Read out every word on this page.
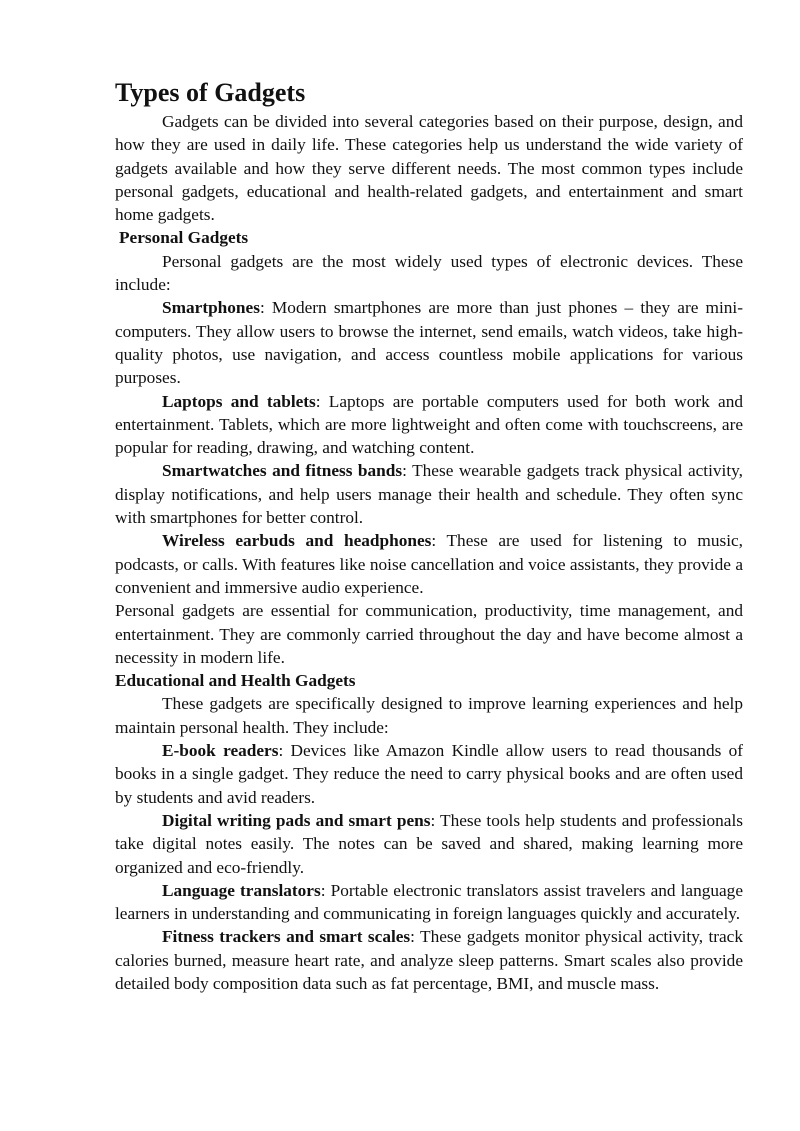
Types of Gadgets

Gadgets can be divided into several categories based on their purpose, design, and how they are used in daily life. These categories help us understand the wide variety of gadgets available and how they serve different needs. The most common types include personal gadgets, educational and health-related gadgets, and entertainment and smart home gadgets.

Personal Gadgets

Personal gadgets are the most widely used types of electronic devices. These include:

Smartphones: Modern smartphones are more than just phones – they are mini-computers. They allow users to browse the internet, send emails, watch videos, take high-quality photos, use navigation, and access countless mobile applications for various purposes.

Laptops and tablets: Laptops are portable computers used for both work and entertainment. Tablets, which are more lightweight and often come with touchscreens, are popular for reading, drawing, and watching content.

Smartwatches and fitness bands: These wearable gadgets track physical activity, display notifications, and help users manage their health and schedule. They often sync with smartphones for better control.

Wireless earbuds and headphones: These are used for listening to music, podcasts, or calls. With features like noise cancellation and voice assistants, they provide a convenient and immersive audio experience.

Personal gadgets are essential for communication, productivity, time management, and entertainment. They are commonly carried throughout the day and have become almost a necessity in modern life.

Educational and Health Gadgets

These gadgets are specifically designed to improve learning experiences and help maintain personal health. They include:

E-book readers: Devices like Amazon Kindle allow users to read thousands of books in a single gadget. They reduce the need to carry physical books and are often used by students and avid readers.

Digital writing pads and smart pens: These tools help students and professionals take digital notes easily. The notes can be saved and shared, making learning more organized and eco-friendly.

Language translators: Portable electronic translators assist travelers and language learners in understanding and communicating in foreign languages quickly and accurately.

Fitness trackers and smart scales: These gadgets monitor physical activity, track calories burned, measure heart rate, and analyze sleep patterns. Smart scales also provide detailed body composition data such as fat percentage, BMI, and muscle mass.
